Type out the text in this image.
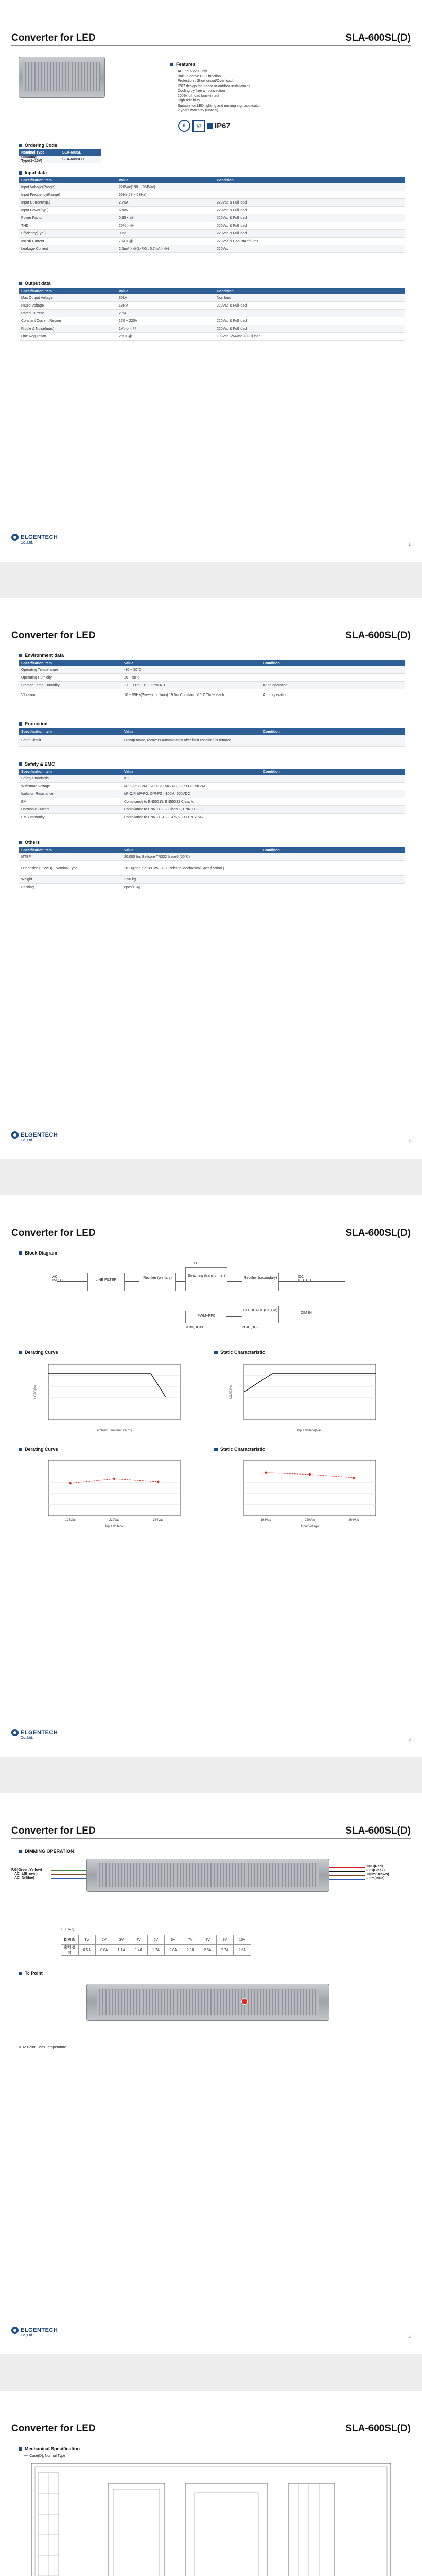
Converter for LED	SLA-600SL(D)
Features
AC Input/220 Only
Built-in active PFC function
Protection : Short circuit/Over load
IP67 design for indoor or outdoor installations
Cooling by free air convection
100% full load burn-in test
High reliability
Suitable for LED lighting and moving sign application
2 years warranty (Note.5)
K	☑	IP67
Ordering Code
Nominal Type	SLA-600SL
Dimming Type(1~10V)	SLA-600SLD
Input data
Specification item	Value	Condition
Input Voltage(Range)	220Vac(198 ~ 264Vac)	
Input Frequency(Range)	60Hz(57 ~ 63Hz)	
Input Current(typ.)	2.75A	220Vac & Full load
Input Power(typ.)	600W	220Vac & Full load
Power Factor	0.95 < @	220Vac & Full load
THD	20% > @	220Vac & Full load
Efficiency(Typ.)	90%	220Vac & Full load
Inrush Current	70A > @	220Vac & Cool start/60ms
Leakage Current	2.5mA > @(L-F.G : 0.7mA > @)	220Vac
Output data
Specification item	Value	Condition
Max Output Voltage	36kV	Non load
Rated Voltage	19RV	220Vac & Full load
Rated Current	2.6A	
Constant Current Region	170 ~ 220V	220Vac & Full load
Ripple & Noise(max)	1Vp-p < @	220Vac & Full load
Line Regulation	2% > @	198Vac~264Vac & Full load
ELGENTECH
Co.,Ltd.	1
Converter for LED	SLA-600SL(D)
Environment data
Specification item	Value	Condition
Operating Temperature	-30 ~ 50℃	
Operating Humidity	20 ~ 90%	
Storage Temp. Humidity	-30 ~ 80℃, 10 ~ 95% RH	At no operation
Vibration	10 ~ 55Hz(Sweep for 1min) 19.6m Constant, X.Y.Z Three each	At no operation
Protection
Specification item	Value	Condition
Short Circuit	Hiccup mode, recovers automatically after fault condition is remove	
Safety & EMC
Specification item	Value	Condition
Safety Standards	KC	
Withstand Voltage	I/P-O/P:3KVAC, I/P-FG:1.5KVAC, O/P-FG:0.5KVAC	
Isolation Resistance	I/P-O/P, I/P-FG, O/P-FG:>100M, 500VDC	
EMI	Compliance to EN55015, EN55022 Class A	
Harmonic Current	Compliance to EN6100-3-2 Class C, EN6100-3-3	
EMS Immunity	Compliance to EN6100-4-2,3,4,5,6,8,11 ENS1547	
Others
Specification item	Value	Condition
MTBF	20,000 hrs Bellcore TR332 Issue5 (50℃)	
Dimension (L*W*H) - Nominal Type	261.6(227.6)*139.8*58.73 ( Refer to Mechanical Specification )	
Weight	2.96 kg	
Packing	6pcs/18kg	
ELGENTECH
Co.,Ltd.	2
Converter for LED	SLA-600SL(D)
Block Diagram
T1
AC INPUT	LINE FILTER
Rectifier (primary)
Switching (transformer)
Rectifier (secondary)	DC OUTPUT
PWM+PFC
FEEDBACK (CC,CV)
DIM IN
IC#1, IC#1	PC#1, IC2
Derating Curve	Static Characteristic
Ambient Temperature(℃)
LOAD(%)
Input Voltage(Vac)
LOAD(%)
Derating Curve	Static Characteristic
198Vac	220Vac	264Vac
Input Voltage
198Vac	220Vac	264Vac
Input Voltage
ELGENTECH
Co.,Ltd.	3
Converter for LED	SLA-600SL(D)
DIMMING OPERATION
F.G(Green/Yellow)
AC_L(Brown)
AC_N(Blue)
+DC(Red)
-DC(Black)
+Dim(Brown)
-Dim(Blue)
1~10V전
DIM IN	1V	2V	3V	4V	5V	6V	7V	8V	9V	10V
출력 전류	0.5A	0.8A	1.1A	1.4A	1.7A	2.0A	2.3A	2.5A	2.7A	2.6A
Tc Point
※ Tc Point : Max Temperature
ELGENTECH
Co.,Ltd.	4
Converter for LED	SLA-600SL(D)
Mechanical Specification
---- Case(D), Normal Type
